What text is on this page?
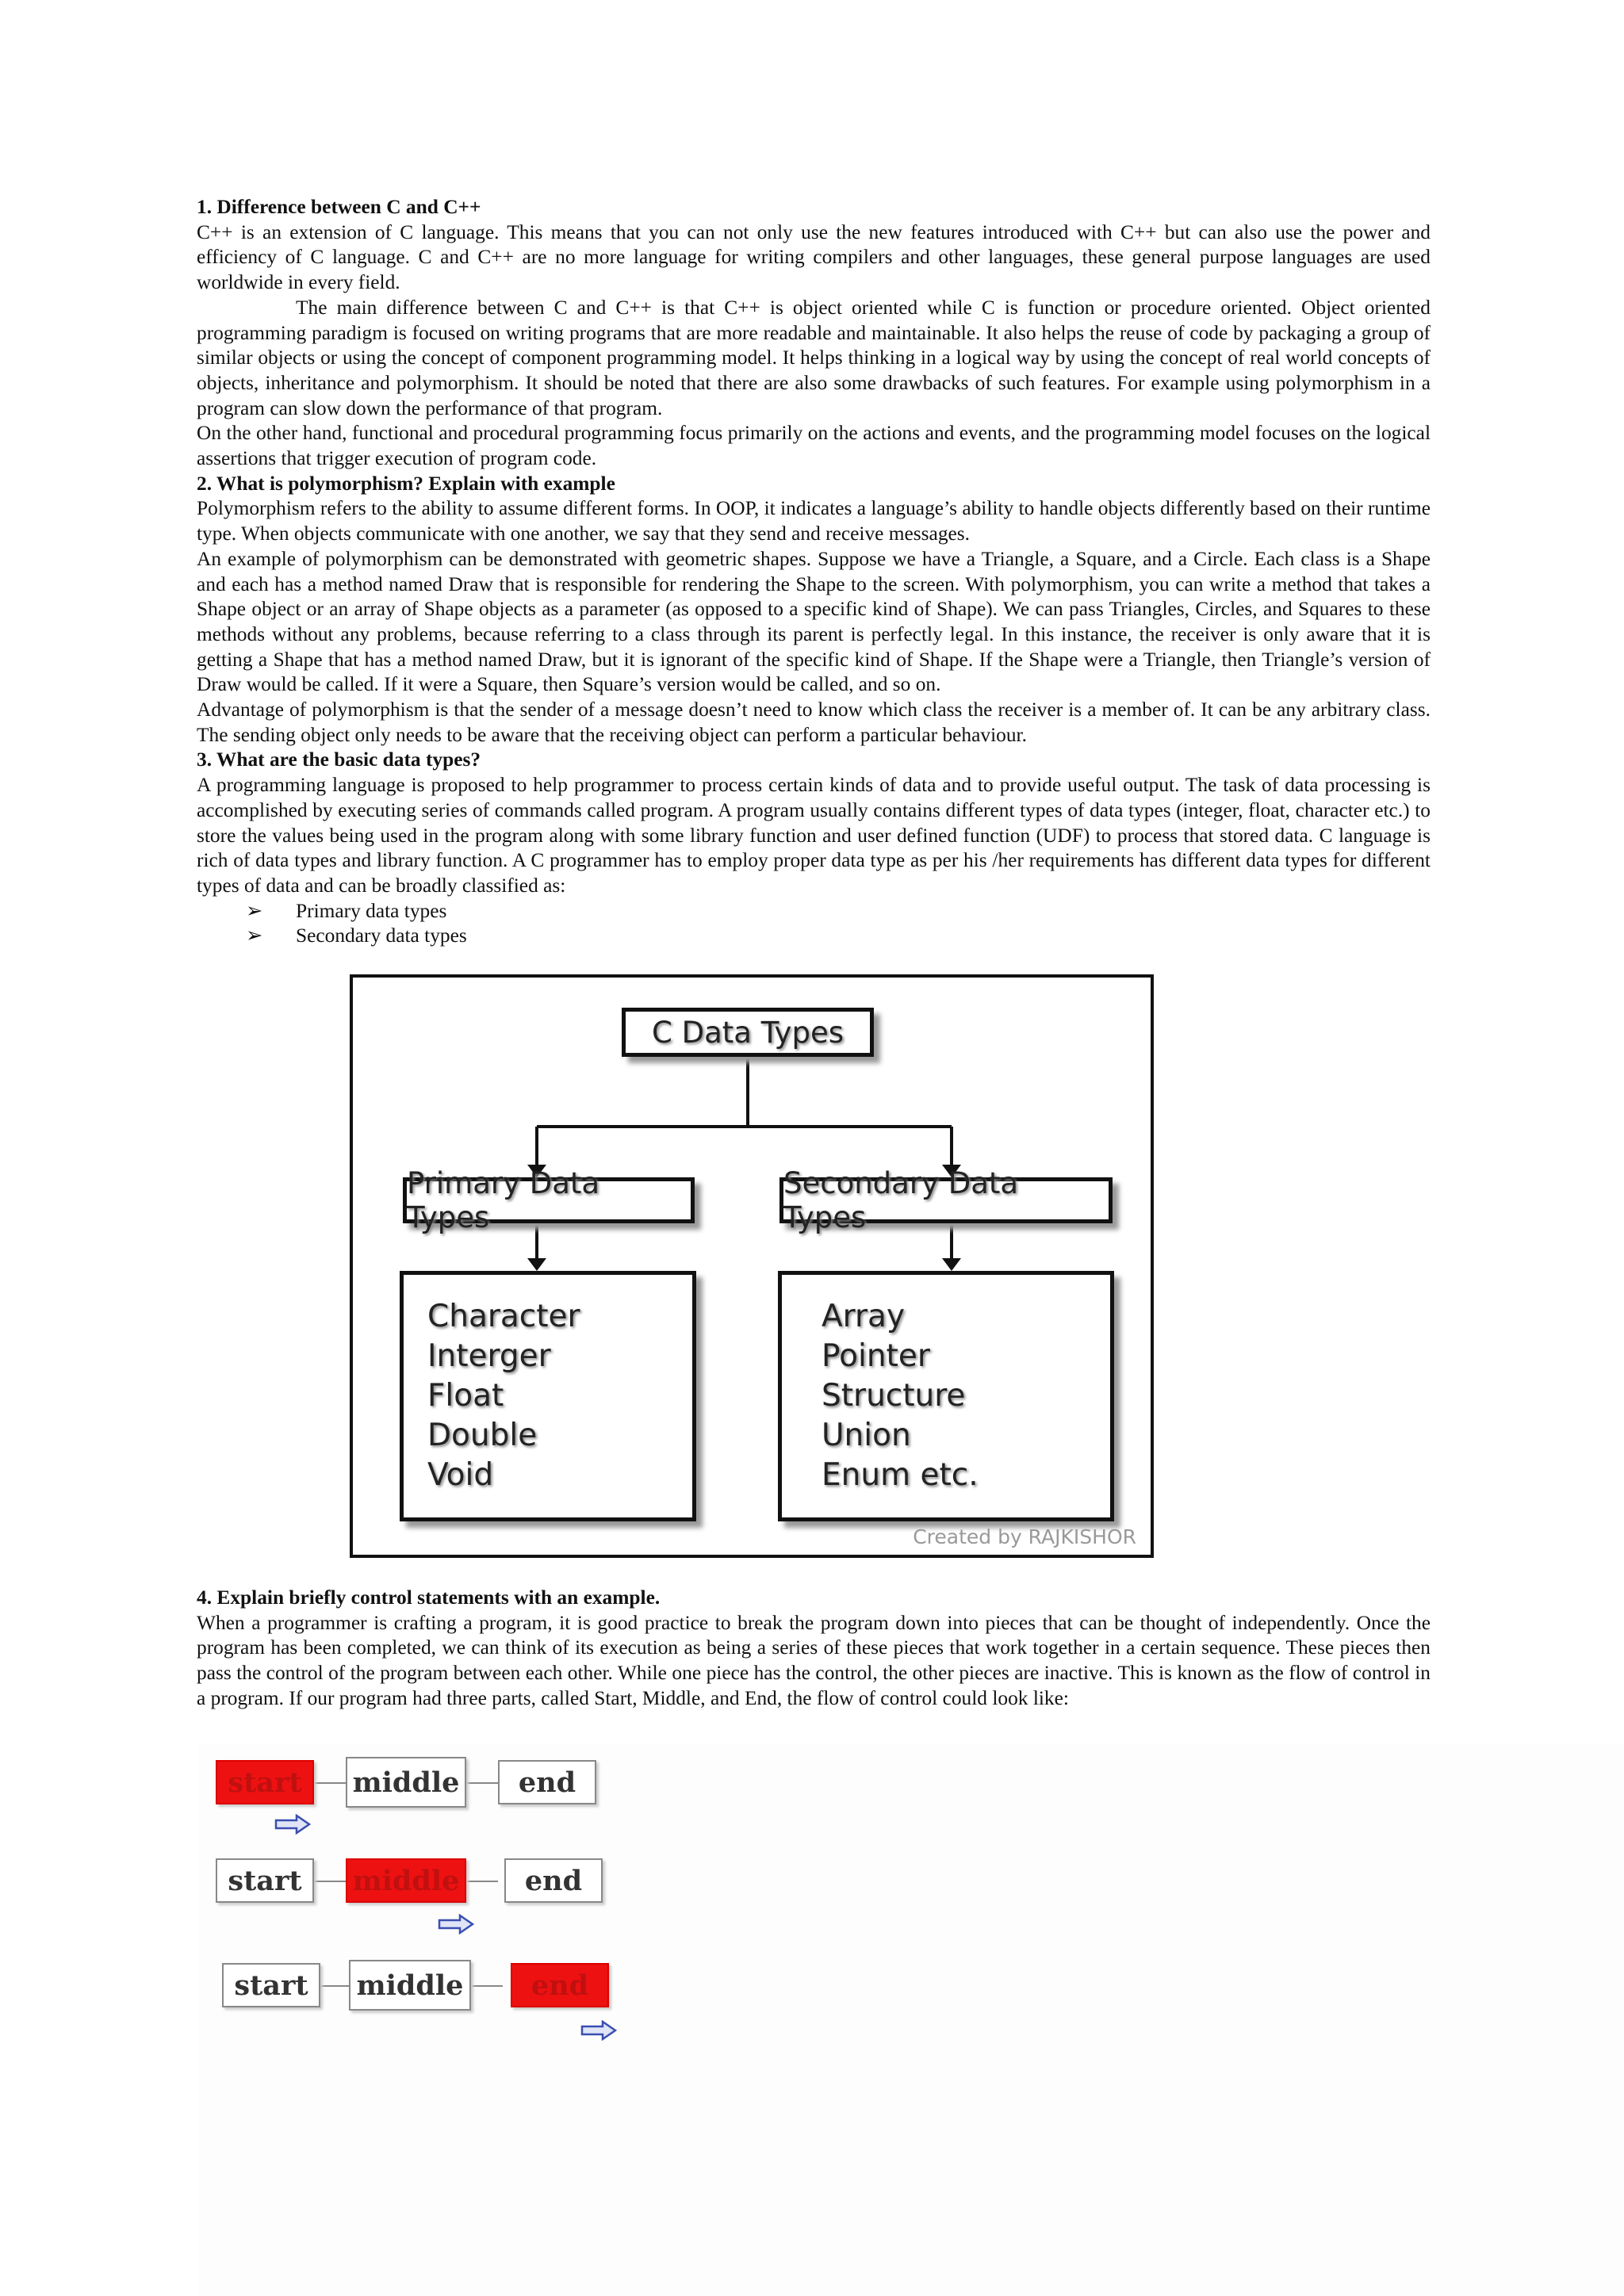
1. Difference between C and C++

C++ is an extension of C language. This means that you can not only use the new features introduced with C++ but can also use the power and efficiency of C language. C and C++ are no more language for writing compilers and other languages, these general purpose languages are used worldwide in every field.

The main difference between C and C++ is that C++ is object oriented while C is function or procedure oriented. Object oriented programming paradigm is focused on writing programs that are more readable and maintainable. It also helps the reuse of code by packaging a group of similar objects or using the concept of component programming model. It helps thinking in a logical way by using the concept of real world concepts of objects, inheritance and polymorphism. It should be noted that there are also some drawbacks of such features. For example using polymorphism in a program can slow down the performance of that program.

On the other hand, functional and procedural programming focus primarily on the actions and events, and the programming model focuses on the logical assertions that trigger execution of program code.

2. What is polymorphism? Explain with example

Polymorphism refers to the ability to assume different forms. In OOP, it indicates a language’s ability to handle objects differently based on their runtime type. When objects communicate with one another, we say that they send and receive messages.

An example of polymorphism can be demonstrated with geometric shapes. Suppose we have a Triangle, a Square, and a Circle. Each class is a Shape and each has a method named Draw that is responsible for rendering the Shape to the screen. With polymorphism, you can write a method that takes a Shape object or an array of Shape objects as a parameter (as opposed to a specific kind of Shape). We can pass Triangles, Circles, and Squares to these methods without any problems, because referring to a class through its parent is perfectly legal. In this instance, the receiver is only aware that it is getting a Shape that has a method named Draw, but it is ignorant of the specific kind of Shape. If the Shape were a Triangle, then Triangle’s version of Draw would be called. If it were a Square, then Square’s version would be called, and so on.

Advantage of polymorphism is that the sender of a message doesn’t need to know which class the receiver is a member of. It can be any arbitrary class. The sending object only needs to be aware that the receiving object can perform a particular behaviour.

3. What are the basic data types?

A programming language is proposed to help programmer to process certain kinds of data and to provide useful output. The task of data processing is accomplished by executing series of commands called program. A program usually contains different types of data types (integer, float, character etc.) to store the values being used in the program along with some library function and user defined function (UDF) to process that stored data. C language is rich of data types and library function. A C programmer has to employ proper data type as per his /her requirements has different data types for different types of data and can be broadly classified as:

➢ Primary data types
➢ Secondary data types
C Data Types
Primary Data Types
Secondary Data Types
Character
Interger
Float
Double
Void
Array
Pointer
Structure
Union
Enum etc.
Created by RAJKISHOR
4. Explain briefly control statements with an example.

When a programmer is crafting a program, it is good practice to break the program down into pieces that can be thought of independently. Once the program has been completed, we can think of its execution as being a series of these pieces that work together in a certain sequence. These pieces then pass the control of the program between each other. While one piece has the control, the other pieces are inactive. This is known as the flow of control in a program. If our program had three parts, called Start, Middle, and End, the flow of control could look like:

start middle end
start middle end
start middle end
